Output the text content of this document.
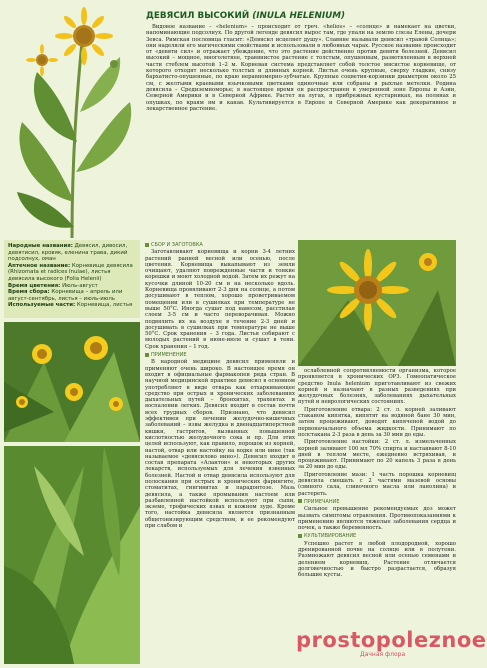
ДЕВЯСИЛ ВЫСОКИЙ (INULA HELENIUM)

Видовое название – «helenium» – происходит от греч. «helios» – «солнце» и намекает на цветки, напоминающие подсолнух. По другой легенде девясил вырос там, где упали на землю слезы Елены, дочери Зевса. Римская пословица гласит: «Девясил исцеляет душу». Славяне называли девясил «травой Солнца»; они наделяли его магическими свойствами и использовали в любовных чарах. Русское название происходит от «девяти сил» и отражает убеждение, что это растение действенно против девяти болезней. Девясил высокий – мощное, многолетнее, травянистое растение с толстым, опушенным, разветвленным в верхней части стеблем высотой 1–2 м. Корневая система представляет собой толстое мясистое корневище, от которого отходят несколько толстых и длинных корней. Листья очень крупные, сверху гладкие, снизу бархатисто-опушенные, по краю неравномерно-зубчатые. Крупные соцветия-корзинки диаметром около 25 см, с желтыми краевыми язычковыми цветками одиночные или собраны в рыхлые метелки. Родина девясила – Средиземноморье; в настоящее время он распространен в умеренной зоне Европы и Азии, Северной Америки и в Северной Африке. Растет на лугах, в прибрежных кустарниках, на полянах и опушках, по краям ям и канав. Культивируется в Европе и Северной Америке как декоративное и лекарственное растение.

Народные названия: Девясил, дивосил, девятисил, кровяк, еленина трава, дикий подсолнух, оман
Аптечное название: Корневище девясила (Rhizomata et radices Inulae), листья девясила высокого (Folia Helenii)
Время цветения: Июль-август
Время сбора: Корневища – апрель или август-сентябрь, листья – июль-июль
Используемые части: Корневища, листья
СБОР И ЗАГОТОВКА

Заготавливают корневища и корни 3-4 летних растений ранней весной или осенью, после цветения. Корневища выкапывают из земли очищают, удаляют поврежденные части и тонкие корешки и моют холодной водой. Затем их режут на кусочки длиной 10-20 см и на несколько вдоль. Корневища провяливают 2-3 дня на солнце, а потом досушивают в теплом, хорошо проветриваемом помещении или в сушилках при температуре не выше 50°С. Иногда сушат под навесом, расстилая слоем 3-5 см и часто переворачивая. Можно подвялить их на воздухе в течение 2-3 дней и досушивать в сушилках при температуре не выше 50°С. Срок хранения – 3 года. Листья собирают с молодых растений в июне-июле и сушат в тени. Срок хранения – 1 год.

ПРИМЕНЕНИЕ

В народной медицине девясил применяли и применяют очень широко. В настоящее время он входит в официальные фармакопеи ряда стран. В научной медицинской практике девясил в основном употребляют в виде отвара как отхаркивающее средство при острых и хронических заболеваниях дыхательных путей – бронхитах, трахеитах и воспалении легких. Девясил входит в состав почти всех грудных сборов. Признано, что девясил эффективен при лечении желудочно-кишечных заболеваний – язвы желудка и двенадцатиперстной кишки, гастритов, вызванных повышенной кислотностью желудочного сока и пр. Для этих целей используют, как правило, порошок из корней, настой, отвар или настойку на водке или вине (так называемое «девясилово вино»). Девясил входит в состав препарата «Алантон» и некоторых других лекарств, используемых для лечения язвенных болезней. Настой и отвар девясила используют для полоскания при острых и хронических фарингите, стоматитах, гингивитах и парадонтозе. Мазь девясила, а также промывания настоем или разбавленной настойкой используют при сыпи, экземе, трофических язвах и кожном зуде. Кроме того, настойка девясила является признанным общетонизирующим средством, и ее рекомендуют при слабом и

ослабленной сопротивляемости организма, которое проявляется в хронических ОРЗ. Гомеопатическое средство Inula helenium приготавливают из свежих корней и назначают в разных разведениях при желудочных болезнях, заболеваниях дыхательных путей и неврологических состояниях.

Приготовление отвара: 2 ст. л. корней заливают стаканом кипятка, кипятят на водяной бане 30 мин, затем процеживают, доводят кипяченой водой до первоначального объема жидкости. Принимают по полстакана 2-3 раза в день за 30 мин до еды.

Приготовление настойки: 2 ст. л. измельченных корней заливают 100 мл 70% спирта и настаивают 8-10 дней в теплом месте, ежедневно встряхивая, и процеживают. Принимают по 20 капель 3 раза в день за 20 мин до еды.

Приготовление мази: 1 часть порошка корневищ девясила смешать с 2 частями мазевой основы (свиного сала, сливочного масла или ланолина) и растереть.

ПРИМЕЧАНИЕ

Сильное превышение рекомендуемых доз может вызвать симптомы отравления. Противопоказаниями к применению являются тяжелые заболевания сердца и почек, а также беременность.

КУЛЬТИВИРОВАНИЕ

Успешно растет в любой плодородной, хорошо дренированной почве на солнце или в полутени. Размножают девясил весной или осенью семенами и делением корневищ. Растение отличается долговечностью и быстро разрастается, образуя большие кусты.

prostopoleznoe
Дачная флора
